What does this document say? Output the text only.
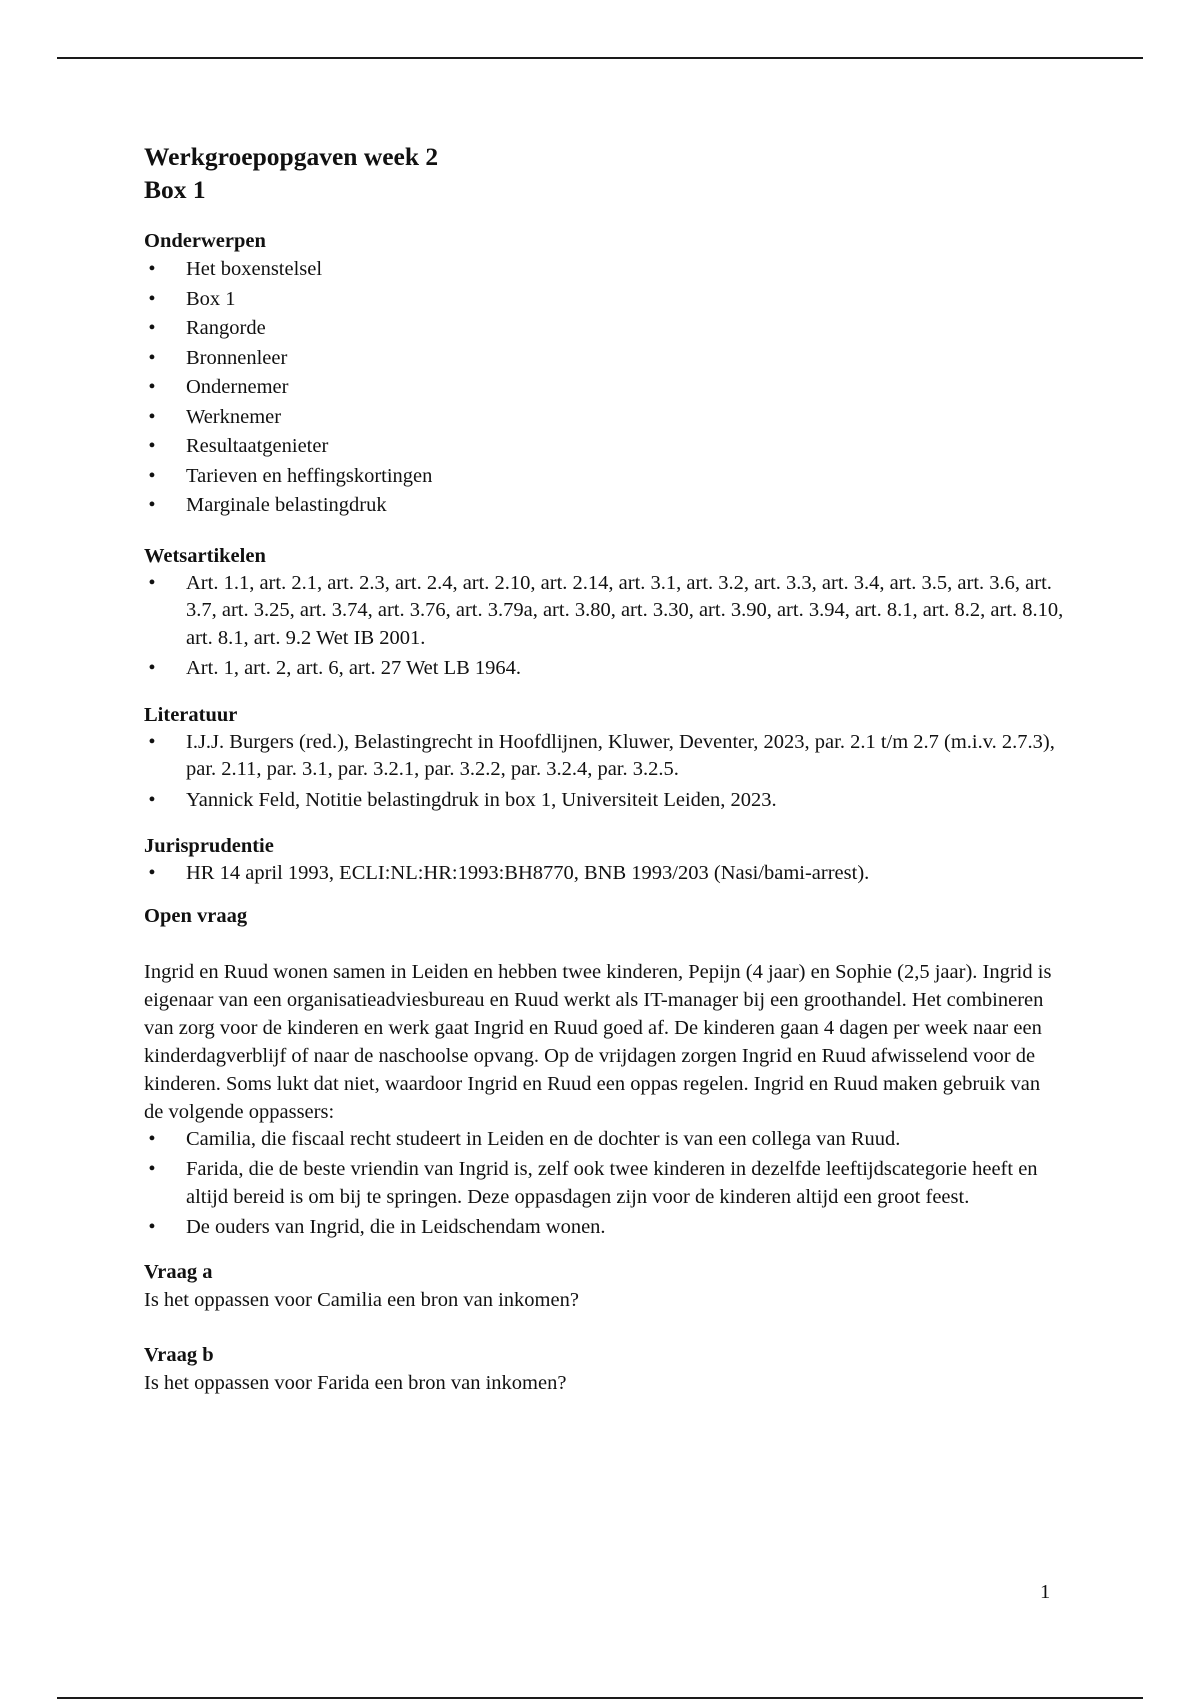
Werkgroepopgaven week 2
Box 1
Onderwerpen
• Het boxenstelsel
• Box 1
• Rangorde
• Bronnenleer
• Ondernemer
• Werknemer
• Resultaatgenieter
• Tarieven en heffingskortingen
• Marginale belastingdruk
Wetsartikelen
• Art. 1.1, art. 2.1, art. 2.3, art. 2.4, art. 2.10, art. 2.14, art. 3.1, art. 3.2, art. 3.3, art. 3.4, art. 3.5, art. 3.6, art. 3.7, art. 3.25, art. 3.74, art. 3.76, art. 3.79a, art. 3.80, art. 3.30, art. 3.90, art. 3.94, art. 8.1, art. 8.2, art. 8.10, art. 8.1, art. 9.2 Wet IB 2001.
• Art. 1, art. 2, art. 6, art. 27 Wet LB 1964.
Literatuur
• I.J.J. Burgers (red.), Belastingrecht in Hoofdlijnen, Kluwer, Deventer, 2023, par. 2.1 t/m 2.7 (m.i.v. 2.7.3), par. 2.11, par. 3.1, par. 3.2.1, par. 3.2.2, par. 3.2.4, par. 3.2.5.
• Yannick Feld, Notitie belastingdruk in box 1, Universiteit Leiden, 2023.
Jurisprudentie
• HR 14 april 1993, ECLI:NL:HR:1993:BH8770, BNB 1993/203 (Nasi/bami-arrest).
Open vraag

Ingrid en Ruud wonen samen in Leiden en hebben twee kinderen, Pepijn (4 jaar) en Sophie (2,5 jaar). Ingrid is eigenaar van een organisatieadviesbureau en Ruud werkt als IT-manager bij een groothandel. Het combineren van zorg voor de kinderen en werk gaat Ingrid en Ruud goed af. De kinderen gaan 4 dagen per week naar een kinderdagverblijf of naar de naschoolse opvang. Op de vrijdagen zorgen Ingrid en Ruud afwisselend voor de kinderen. Soms lukt dat niet, waardoor Ingrid en Ruud een oppas regelen. Ingrid en Ruud maken gebruik van de volgende oppassers:

• Camilia, die fiscaal recht studeert in Leiden en de dochter is van een collega van Ruud.
• Farida, die de beste vriendin van Ingrid is, zelf ook twee kinderen in dezelfde leeftijdscategorie heeft en altijd bereid is om bij te springen. Deze oppasdagen zijn voor de kinderen altijd een groot feest.
• De ouders van Ingrid, die in Leidschendam wonen.
Vraag a

Is het oppassen voor Camilia een bron van inkomen?

Vraag b

Is het oppassen voor Farida een bron van inkomen?

1
